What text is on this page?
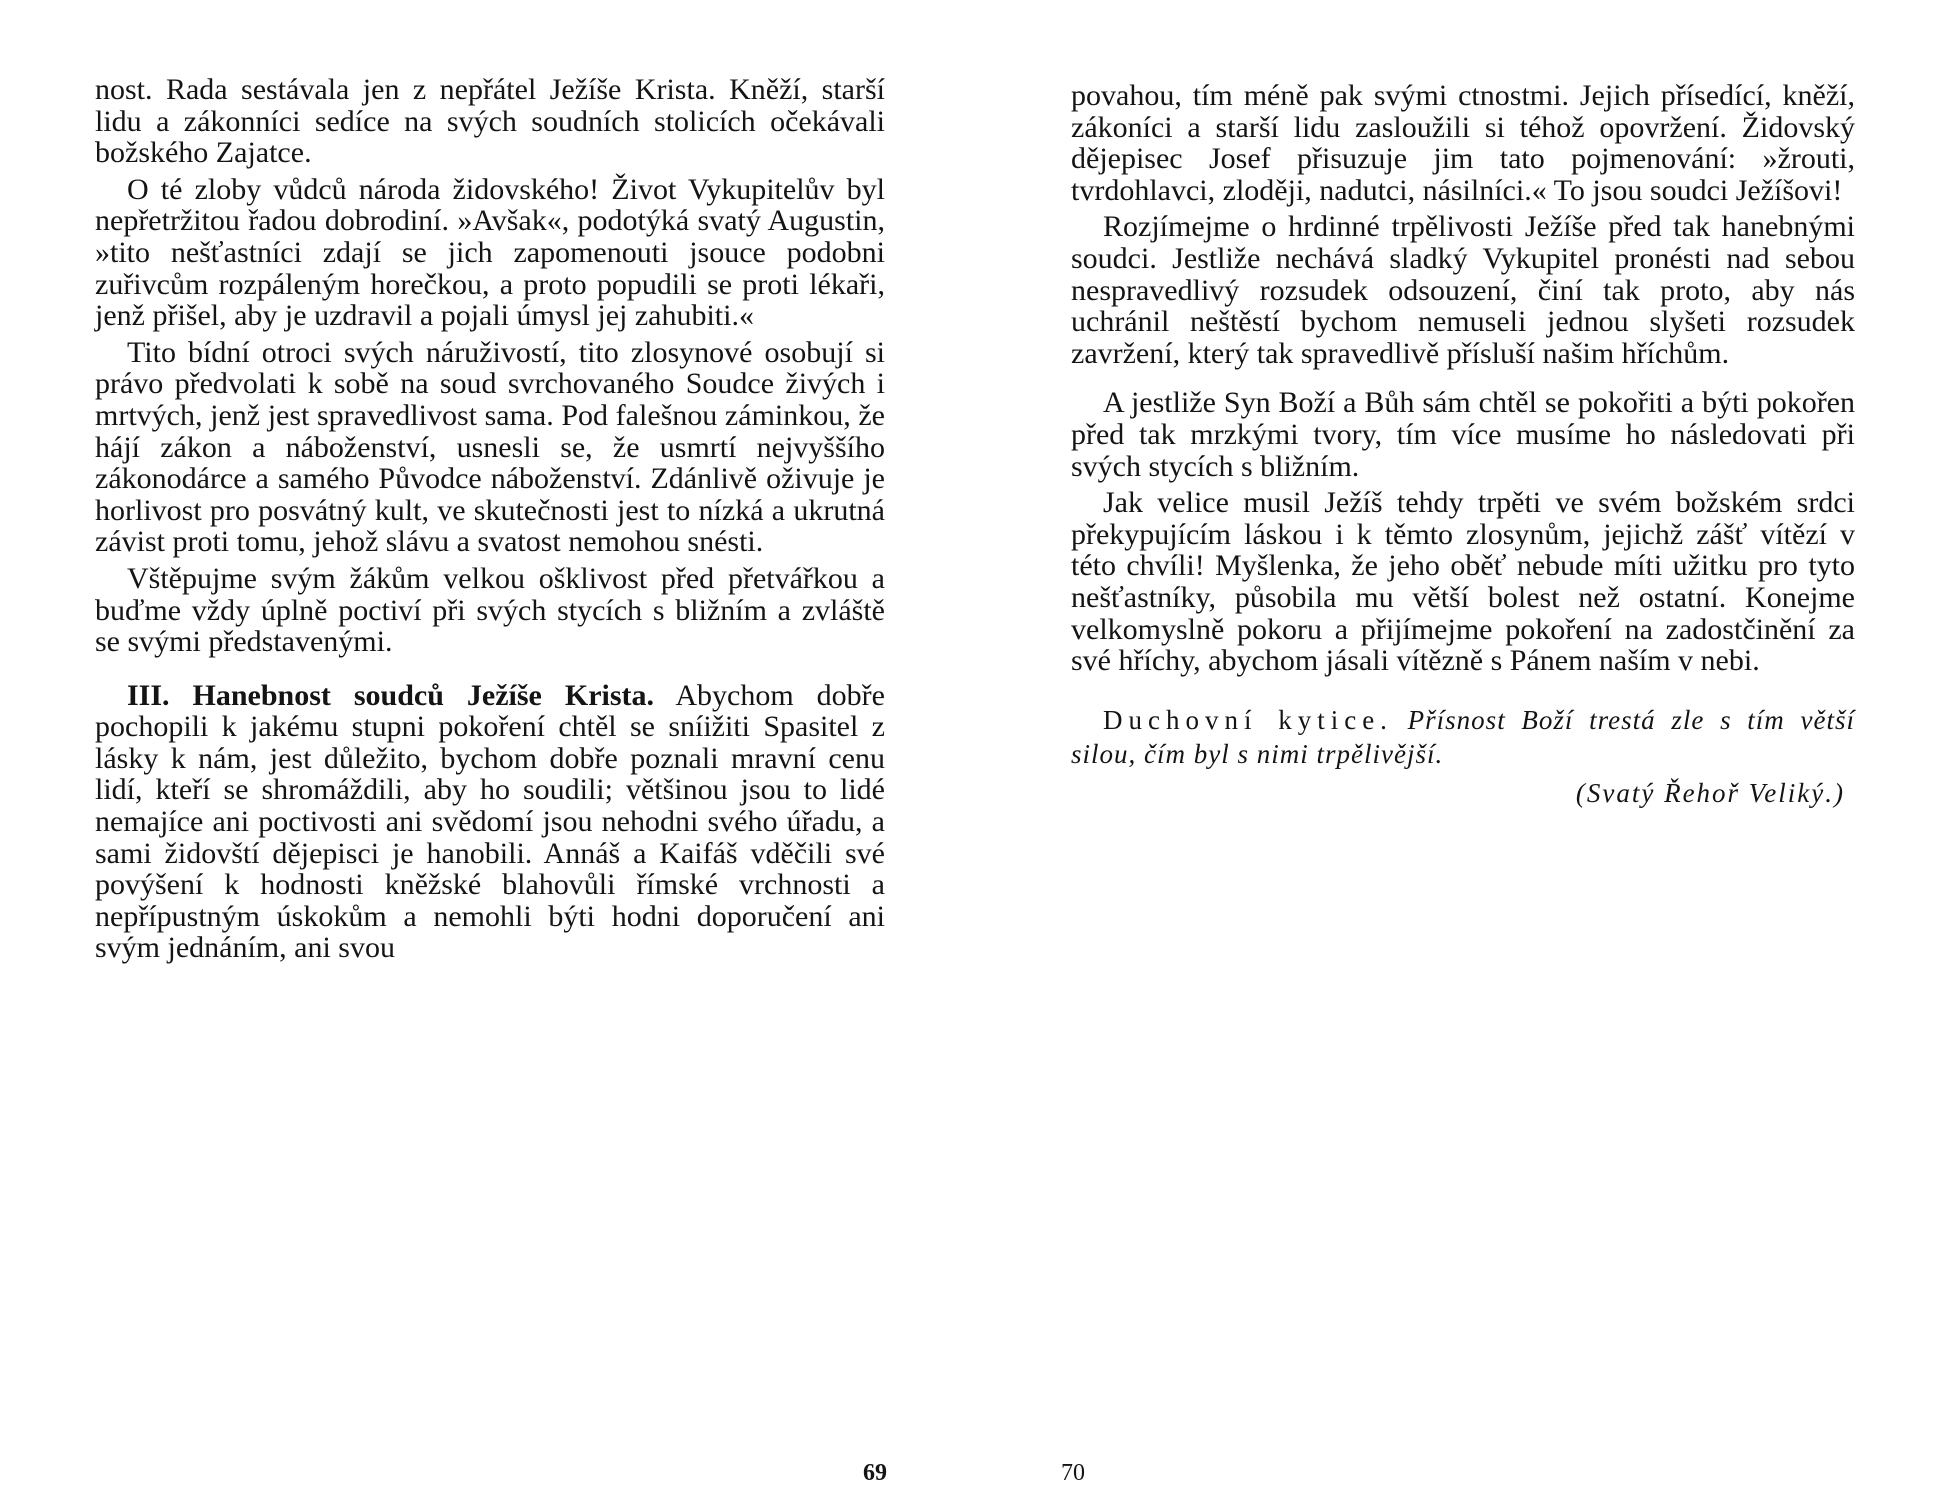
nost. Rada sestávala jen z nepřátel Ježíše Krista. Kněží, starší lidu a zákonníci sedíce na svých soudních stolicích očekávali božského Zajatce.

O té zloby vůdců národa židovského! Život Vykupitelův byl nepřetržitou řadou dobrodiní. »Avšak«, podotýká svatý Augustin, »tito nešťastníci zdají se jich zapomenouti jsouce podobni zuřivcům rozpáleným horečkou, a proto popudili se proti lékaři, jenž přišel, aby je uzdravil a pojali úmysl jej zahubiti.«

Tito bídní otroci svých náruživostí, tito zlosynové osobují si právo předvolati k sobě na soud svrchovaného Soudce živých i mrtvých, jenž jest spravedlivost sama. Pod falešnou záminkou, že hájí zákon a náboženství, usnesli se, že usmrtí nejvyššího zákonodárce a samého Původce náboženství. Zdánlivě oživuje je horlivost pro posvátný kult, ve skutečnosti jest to nízká a ukrutná závist proti tomu, jehož slávu a svatost nemohou snésti.

Vštěpujme svým žákům velkou ošklivost před přetvářkou a buďme vždy úplně poctiví při svých stycích s bližním a zvláště se svými představenými.

III. Hanebnost soudců Ježíše Krista. Abychom dobře pochopili k jakému stupni pokoření chtěl se sníižiti Spasitel z lásky k nám, jest důležito, bychom dobře poznali mravní cenu lidí, kteří se shromáždili, aby ho soudili; většinou jsou to lidé nemajíce ani poctivosti ani svědomí jsou nehodni svého úřadu, a sami židovští dějepisci je hanobili. Annáš a Kaifáš vděčili své povýšení k hodnosti kněžské blahovůli římské vrchnosti a nepřípustným úskokům a nemohli býti hodni doporučení ani svým jednáním, ani svou

69

povahou, tím méně pak svými ctnostmi. Jejich přísedící, kněží, zákoníci a starší lidu zasloužili si téhož opovržení. Židovský dějepisec Josef přisuzuje jim tato pojmenování: »žrouti, tvrdohlavci, zloději, nadutci, násilníci.« To jsou soudci Ježíšovi!

Rozjímejme o hrdinné trpělivosti Ježíše před tak hanebnými soudci. Jestliže nechává sladký Vykupitel pronésti nad sebou nespravedlivý rozsudek odsouzení, činí tak proto, aby nás uchránil neštěstí bychom nemuseli jednou slyšeti rozsudek zavržení, který tak spravedlivě přísluší našim hříchům.

A jestliže Syn Boží a Bůh sám chtěl se pokořiti a býti pokořen před tak mrzkými tvory, tím více musíme ho následovati při svých stycích s bližním.

Jak velice musil Ježíš tehdy trpěti ve svém božském srdci překypujícím láskou i k těmto zlosynům, jejichž zášť vítězí v této chvíli! Myšlenka, že jeho oběť nebude míti užitku pro tyto nešťastníky, působila mu větší bolest než ostatní. Konejme velkomyslně pokoru a přijímejme pokoření na zadostčinění za své hříchy, abychom jásali vítězně s Pánem naším v nebi.

Duchovní kytice. Přísnost Boží trestá zle s tím větší silou, čím byl s nimi trpělivější.

(Svatý Řehoř Veliký.)

70
